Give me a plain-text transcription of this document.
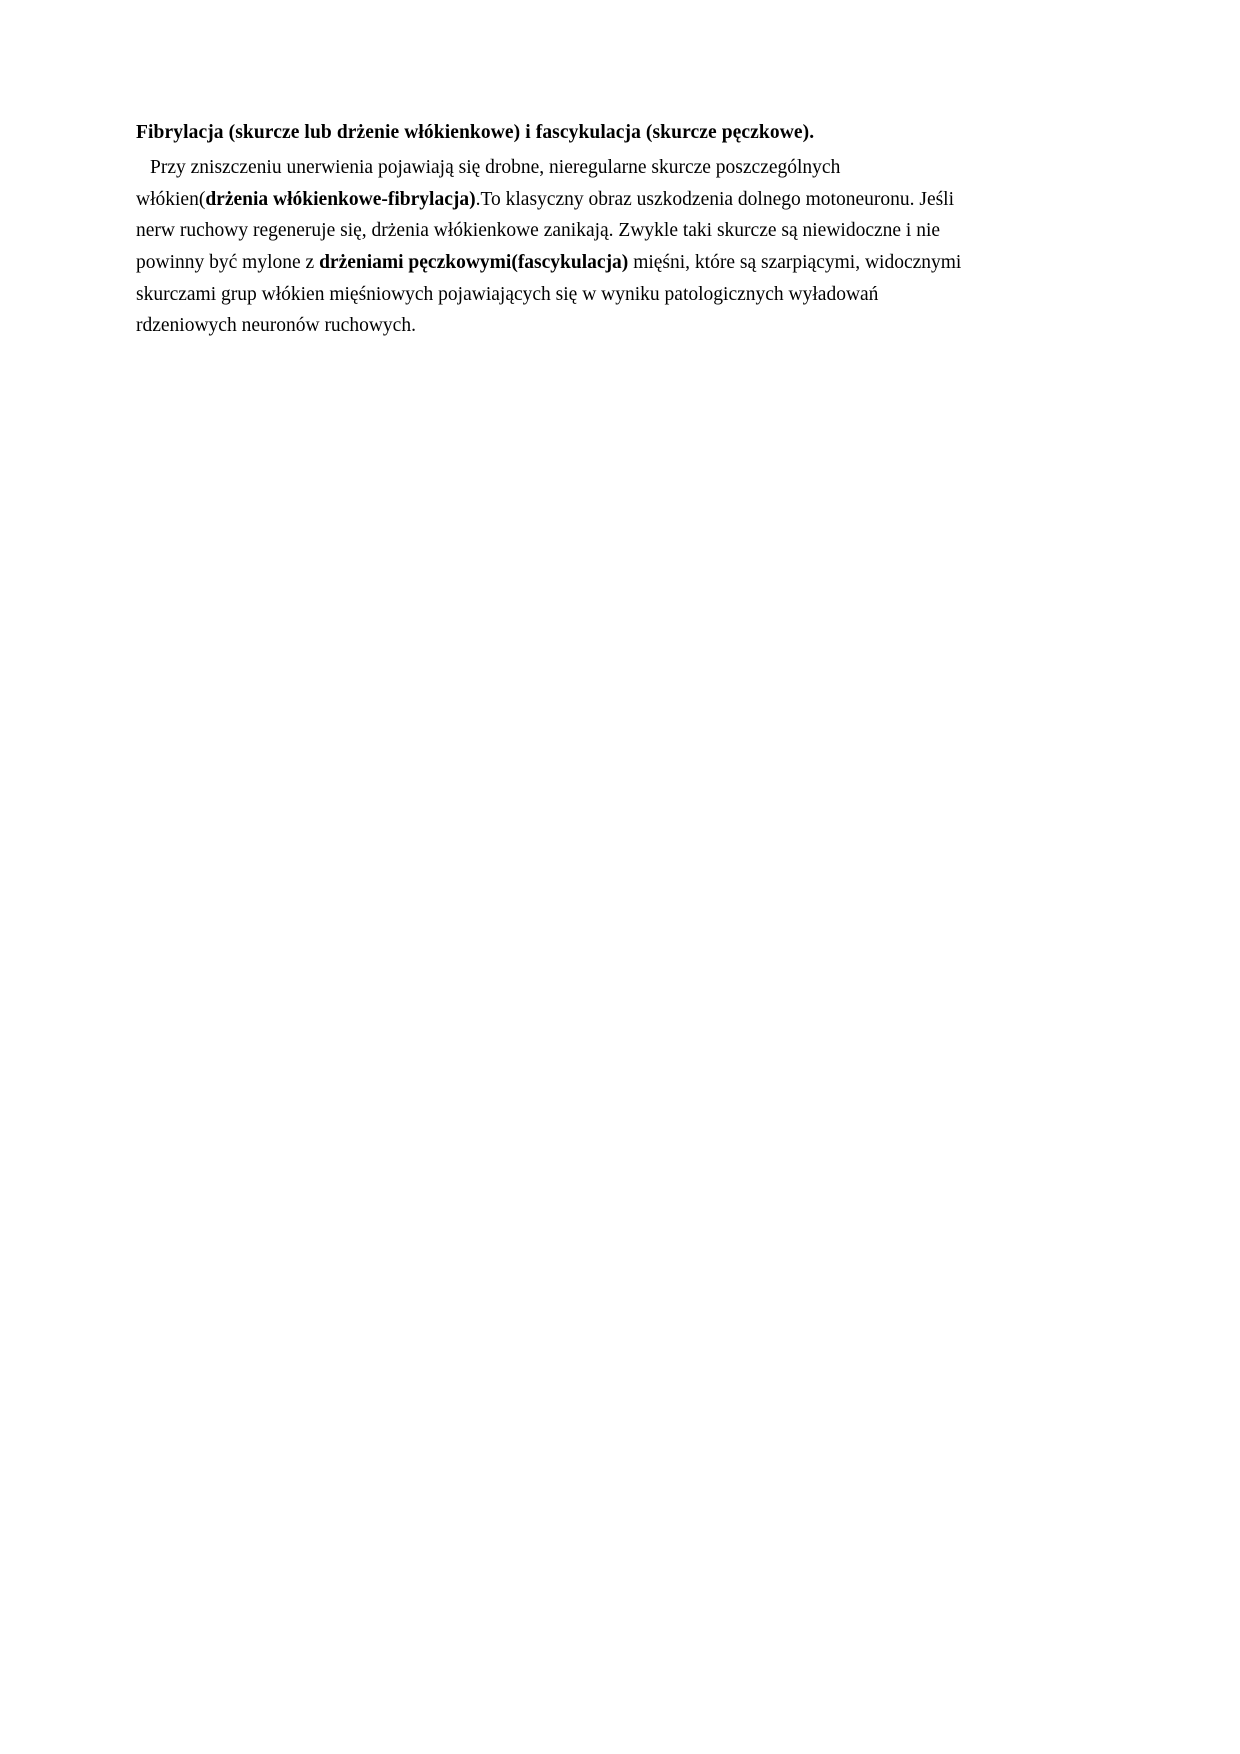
Fibrylacja (skurcze lub drżenie włókienkowe) i fascykulacja (skurcze pęczkowe).

Przy zniszczeniu unerwienia pojawiają się drobne, nieregularne skurcze poszczególnych włókien(drżenia włókienkowe-fibrylacja).To klasyczny obraz uszkodzenia dolnego motoneuronu. Jeśli nerw ruchowy regeneruje się, drżenia włókienkowe zanikają. Zwykle taki skurcze są niewidoczne i nie powinny być mylone z drżeniami pęczkowymi(fascykulacja) mięśni, które są szarpiącymi, widocznymi skurczami grup włókien mięśniowych pojawiających się w wyniku patologicznych wyładowań rdzeniowych neuronów ruchowych.
